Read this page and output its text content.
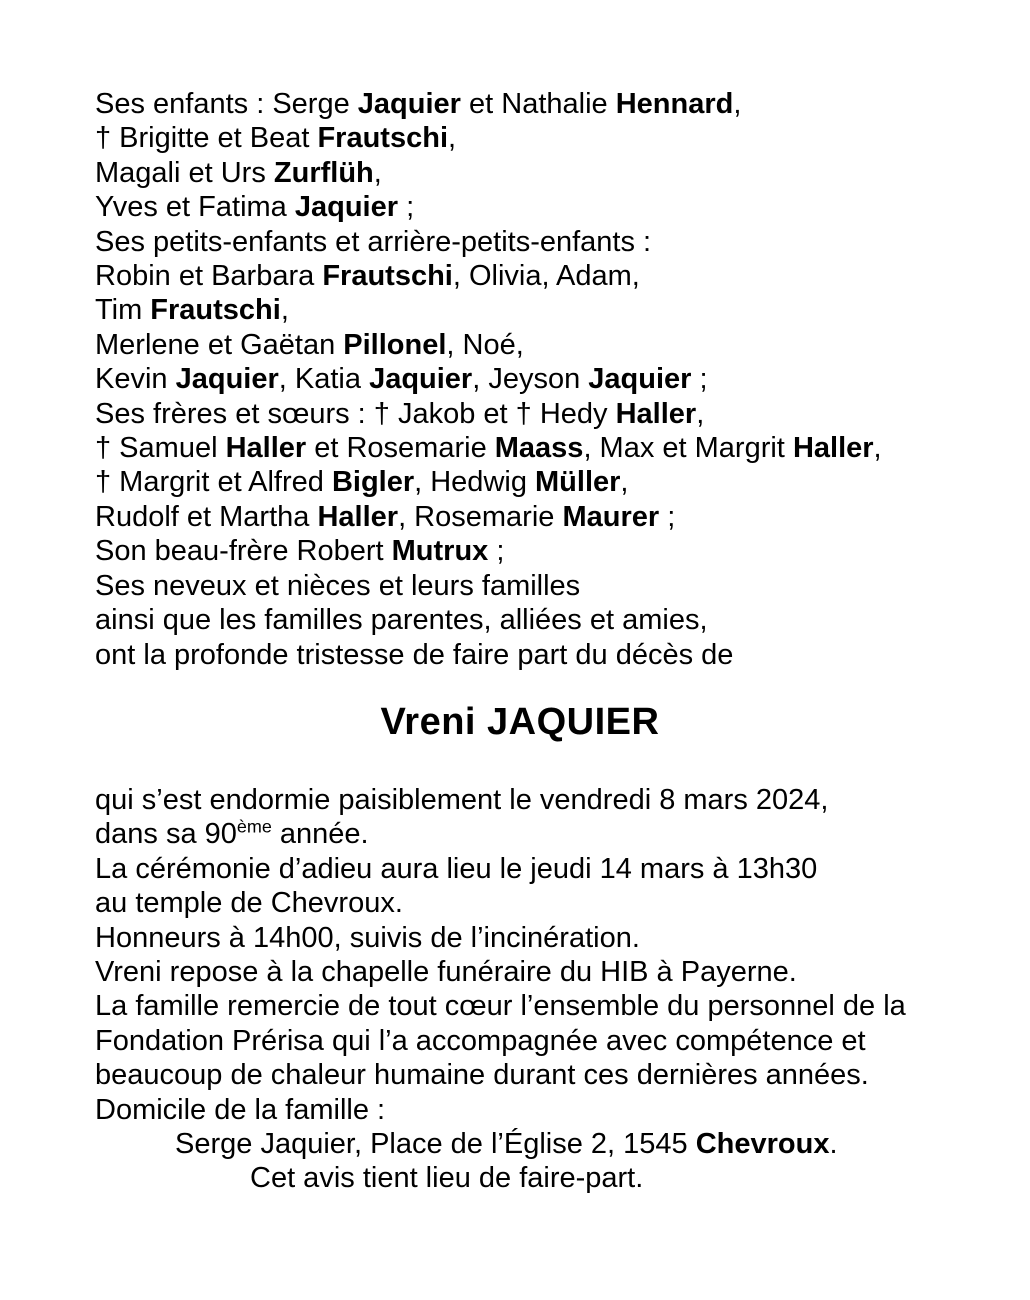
Ses enfants : Serge Jaquier et Nathalie Hennard,
† Brigitte et Beat Frautschi,
Magali et Urs Zurflüh,
Yves et Fatima Jaquier ;
Ses petits-enfants et arrière-petits-enfants :
Robin et Barbara Frautschi, Olivia, Adam,
Tim Frautschi,
Merlene et Gaëtan Pillonel, Noé,
Kevin Jaquier, Katia Jaquier, Jeyson Jaquier ;
Ses frères et sœurs : † Jakob et † Hedy Haller,
† Samuel Haller et Rosemarie Maass, Max et Margrit Haller,
† Margrit et Alfred Bigler, Hedwig Müller,
Rudolf et Martha Haller, Rosemarie Maurer ;
Son beau-frère Robert Mutrux ;
Ses neveux et nièces et leurs familles
ainsi que les familles parentes, alliées et amies,
ont la profonde tristesse de faire part du décès de
Vreni JAQUIER
qui s’est endormie paisiblement le vendredi 8 mars 2024,
dans sa 90ème année.
La cérémonie d’adieu aura lieu le jeudi 14 mars à 13h30
au temple de Chevroux.
Honneurs à 14h00, suivis de l’incinération.
Vreni repose à la chapelle funéraire du HIB à Payerne.
La famille remercie de tout cœur l’ensemble du personnel de la
Fondation Prérisa qui l’a accompagnée avec compétence et
beaucoup de chaleur humaine durant ces dernières années.
Domicile de la famille :
Serge Jaquier, Place de l’Église 2, 1545 Chevroux.
Cet avis tient lieu de faire-part.
